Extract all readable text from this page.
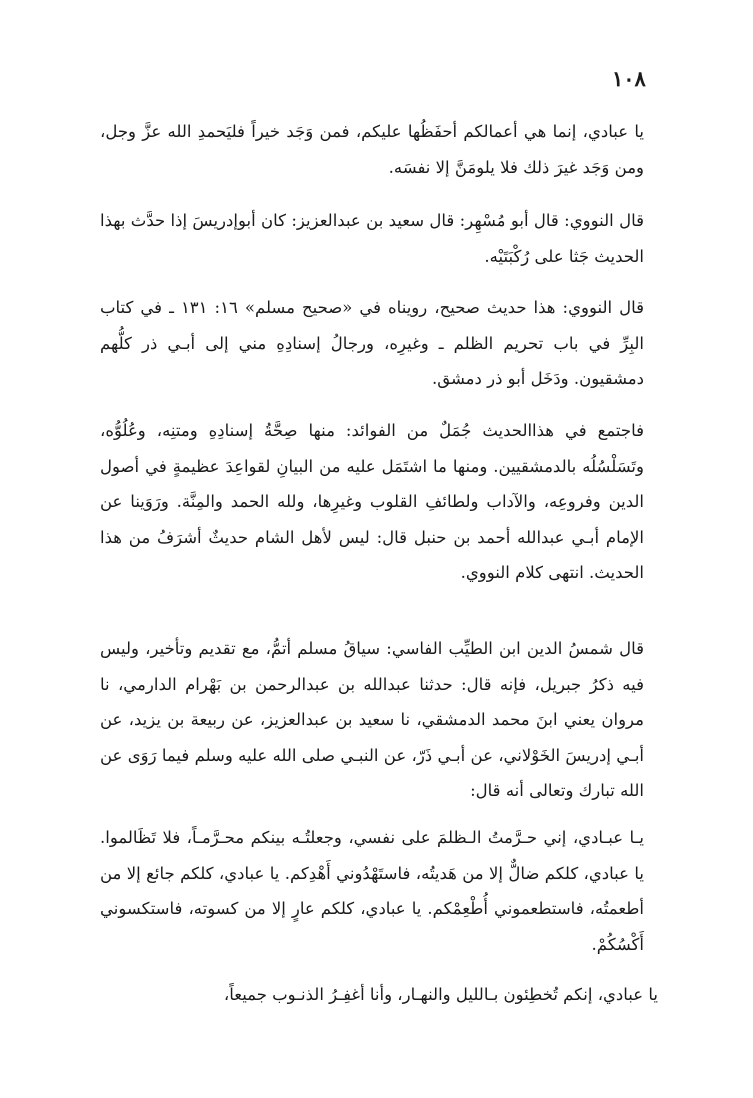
١٠٨

يا عبادي، إنما هي أعمالكم أحفَظُها عليكم، فمن وَجَد خيراً فليَحمدِ الله عزَّ وجل، ومن وَجَد غيرَ ذلك فلا يلومَنَّ إلا نفسَه.

قال النووي: قال أبو مُسْهِر: قال سعيد بن عبدالعزيز: كان أبوإدريسَ إذا حدَّث بهذا الحديث جَثا على رُكْبَتَيْه.

قال النووي: هذا حديث صحيح، رويناه في «صحيح مسلم» ١٦: ١٣١ ـ في كتاب البِرِّ في باب تحريم الظلم ـ وغيرِه، ورجالُ إسنادِهِ مني إلى أبـي ذر كلُّهم دمشقيون. ودَخَل أبو ذر دمشق.

فاجتمع في هذاالحديث جُمَلٌ من الفوائد: منها صِحَّةُ إسنادِهِ ومتنِه، وعُلُوُّه، وتَسَلْسُلُه بالدمشقيين. ومنها ما اشتَمَل عليه من البيانِ لقواعِدَ عظيمةٍ في أصول الدين وفروعِه، والآداب ولطائفِ القلوب وغيرِها، ولله الحمد والمِنَّة. ورَوَينا عن الإمام أبـي عبدالله أحمد بن حنبل قال: ليس لأهل الشام حديثٌ أشرَفُ من هذا الحديث. انتهى كلام النووي.

قال شمسُ الدين ابن الطيِّب الفاسي: سياقُ مسلم أتمُّ، مع تقديم وتأخير، وليس فيه ذكرُ جبريل، فإنه قال: حدثنا عبدالله بن عبدالرحمن بن بَهْرام الدارمي، نا مروان يعني ابنَ محمد الدمشقي، نا سعيد بن عبدالعزيز، عن ربيعة بن يزيد، عن أبـي إدريسَ الخَوْلاني، عن أبـي ذَرّ، عن النبـي صلى الله عليه وسلم فيما رَوَى عن الله تبارك وتعالى أنه قال:

يـا عبـادي، إني حـرَّمتُ الـظلمَ على نفسي، وجعلتُـه بينكم محـرَّمـاً، فلا تَظَالموا. يا عبادي، كلكم ضالٌّ إلا من هَديتُه، فاستَهْدُوني أَهْدِكم. يا عبادي، كلكم جائع إلا من أطعمتُه، فاستطعموني أُطْعِمْكم. يا عبادي، كلكم عارٍ إلا من كسوته، فاستكسوني أَكْسُكُمْ.

يا عبادي، إنكم تُخطِئون بـالليل والنهـار، وأنا أغفِـرُ الذنـوب جميعاً،
